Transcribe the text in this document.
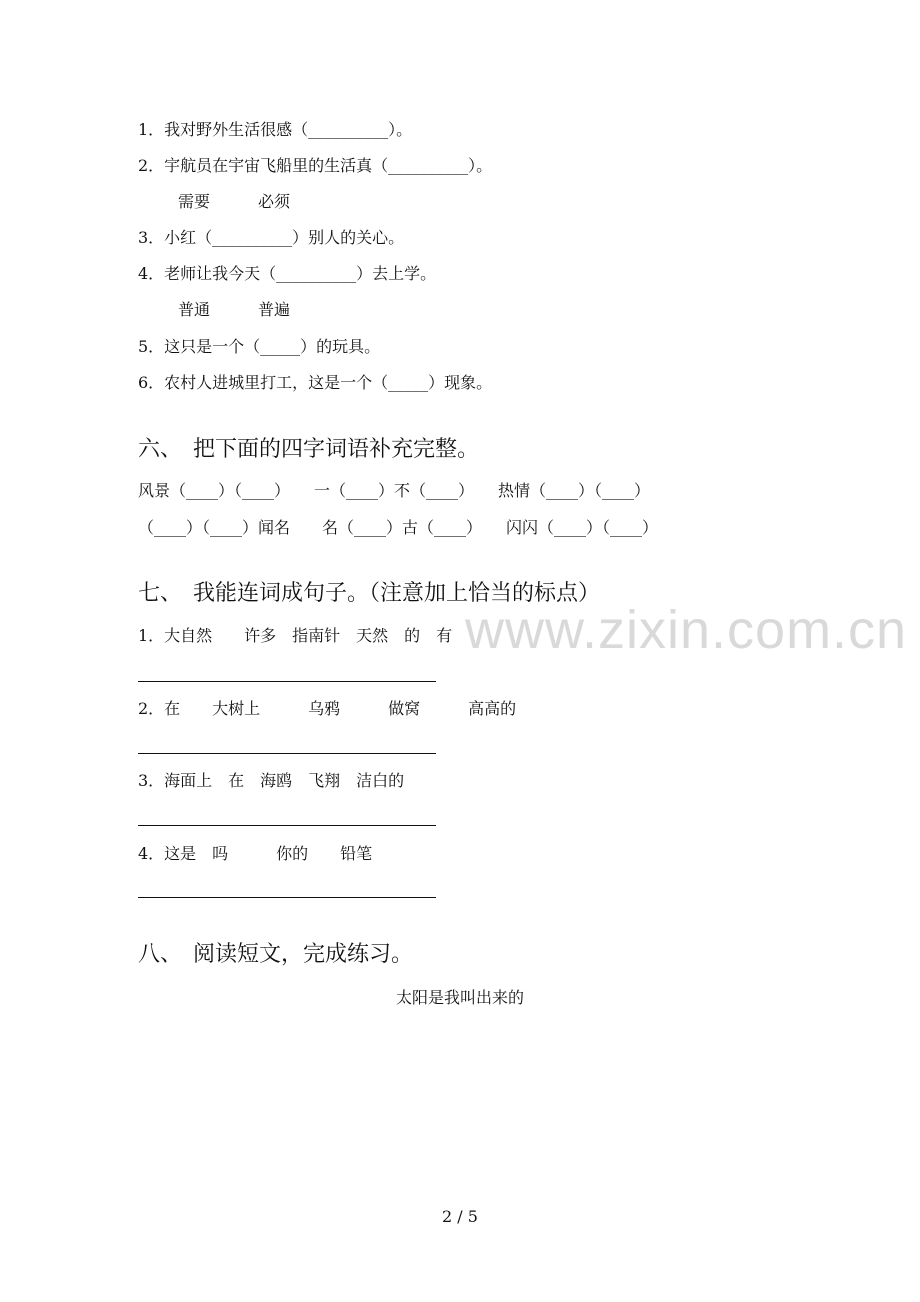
1．我对野外生活很感（__________）。
2．宇航员在宇宙飞船里的生活真（__________）。
需要　　　必须
3．小红（__________）别人的关心。
4．老师让我今天（__________）去上学。
普通　　　普遍
5．这只是一个（_____）的玩具。
6．农村人进城里打工，这是一个（_____）现象。
六、　把下面的四字词语补充完整。
风景（____）（____）　　一（____）不（____）　　热情（____）（____）
（____）（____）闻名　　名（____）古（____）　　闪闪（____）（____）
七、　我能连词成句子。（注意加上恰当的标点）
1．大自然　　许多　指南针　天然　的　有
2．在　　大树上　　　乌鸦　　　做窝　　　高高的
3．海面上　在　海鸥　飞翔　洁白的
4．这是　吗　　　你的　　铅笔
八、　阅读短文，完成练习。
太阳是我叫出来的
www.zixin.com.cn
2 / 5
